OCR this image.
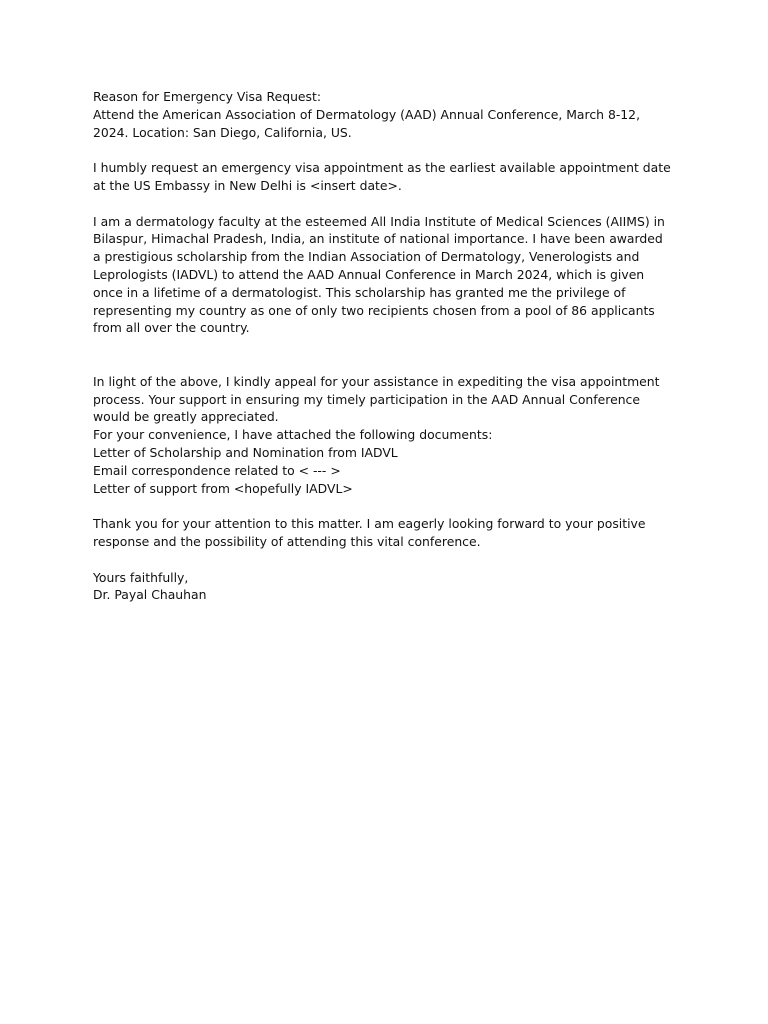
Reason for Emergency Visa Request:
Attend the American Association of Dermatology (AAD) Annual Conference, March 8-12,
2024. Location: San Diego, California, US.
I humbly request an emergency visa appointment as the earliest available appointment date
at the US Embassy in New Delhi is <insert date>.
I am a dermatology faculty at the esteemed All India Institute of Medical Sciences (AIIMS) in
Bilaspur, Himachal Pradesh, India, an institute of national importance. I have been awarded
a prestigious scholarship from the Indian Association of Dermatology, Venerologists and
Leprologists (IADVL) to attend the AAD Annual Conference in March 2024, which is given
once in a lifetime of a dermatologist. This scholarship has granted me the privilege of
representing my country as one of only two recipients chosen from a pool of 86 applicants
from all over the country.
In light of the above, I kindly appeal for your assistance in expediting the visa appointment
process. Your support in ensuring my timely participation in the AAD Annual Conference
would be greatly appreciated.
For your convenience, I have attached the following documents:
Letter of Scholarship and Nomination from IADVL
Email correspondence related to < --- >
Letter of support from <hopefully IADVL>
Thank you for your attention to this matter. I am eagerly looking forward to your positive
response and the possibility of attending this vital conference.
Yours faithfully,
Dr. Payal Chauhan
